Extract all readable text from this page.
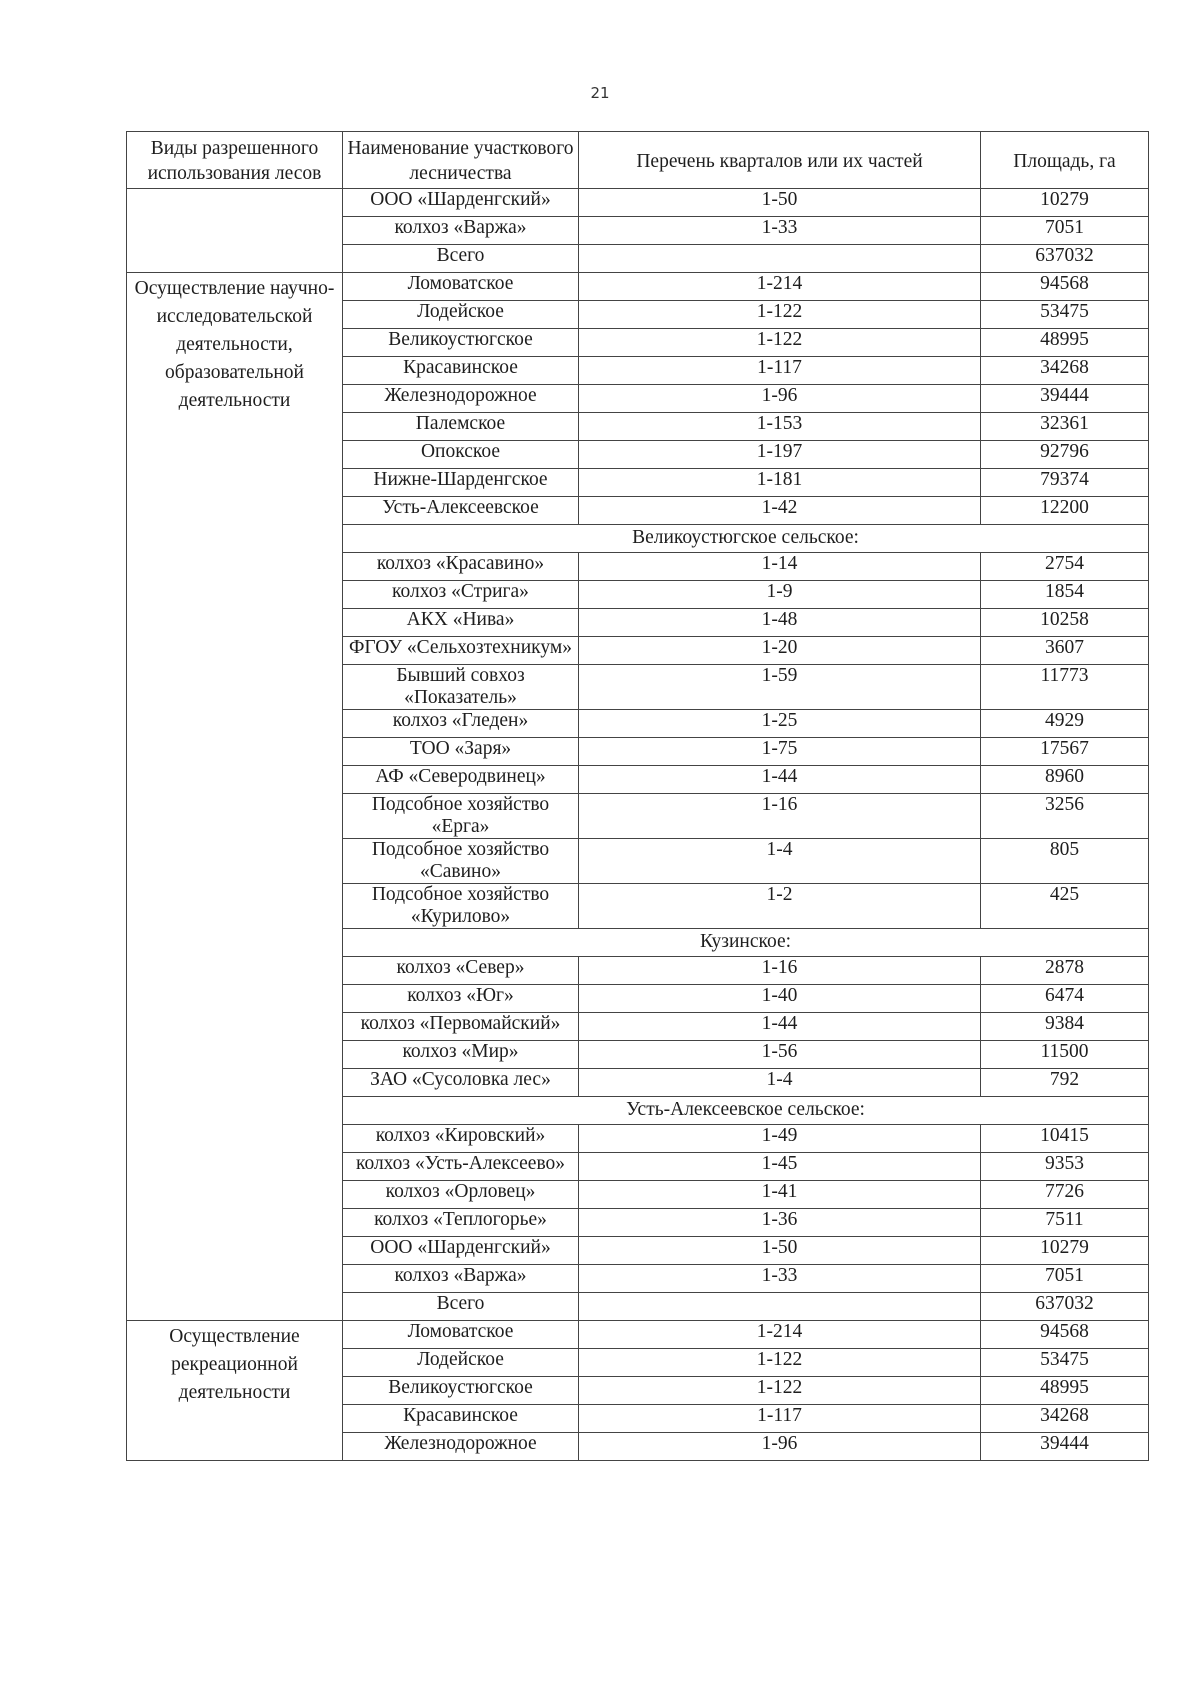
21
Виды разрешенного использования лесов	Наименование участкового лесничества	Перечень кварталов или их частей	Площадь, га
	ООО «Шарденгский»	1-50	10279
	колхоз «Варжа»	1-33	7051
	Всего		637032
Осуществление научно-исследовательской деятельности, образовательной деятельности	Ломоватское	1-214	94568
	Лодейское	1-122	53475
	Великоустюгское	1-122	48995
	Красавинское	1-117	34268
	Железнодорожное	1-96	39444
	Палемское	1-153	32361
	Опокское	1-197	92796
	Нижне-Шарденгское	1-181	79374
	Усть-Алексеевское	1-42	12200
	Великоустюгское сельское:		
	колхоз «Красавино»	1-14	2754
	колхоз «Стрига»	1-9	1854
	АКХ «Нива»	1-48	10258
	ФГОУ «Сельхозтехникум»	1-20	3607
	Бывший совхоз «Показатель»	1-59	11773
	колхоз «Гледен»	1-25	4929
	ТОО «Заря»	1-75	17567
	АФ «Северодвинец»	1-44	8960
	Подсобное хозяйство «Ерга»	1-16	3256
	Подсобное хозяйство «Савино»	1-4	805
	Подсобное хозяйство «Курилово»	1-2	425
	Кузинское:		
	колхоз «Север»	1-16	2878
	колхоз «Юг»	1-40	6474
	колхоз «Первомайский»	1-44	9384
	колхоз «Мир»	1-56	11500
	ЗАО «Сусоловка лес»	1-4	792
	Усть-Алексеевское сельское:		
	колхоз «Кировский»	1-49	10415
	колхоз «Усть-Алексеево»	1-45	9353
	колхоз «Орловец»	1-41	7726
	колхоз «Теплогорье»	1-36	7511
	ООО «Шарденгский»	1-50	10279
	колхоз «Варжа»	1-33	7051
	Всего		637032
Осуществление рекреационной деятельности	Ломоватское	1-214	94568
	Лодейское	1-122	53475
	Великоустюгское	1-122	48995
	Красавинское	1-117	34268
	Железнодорожное	1-96	39444
